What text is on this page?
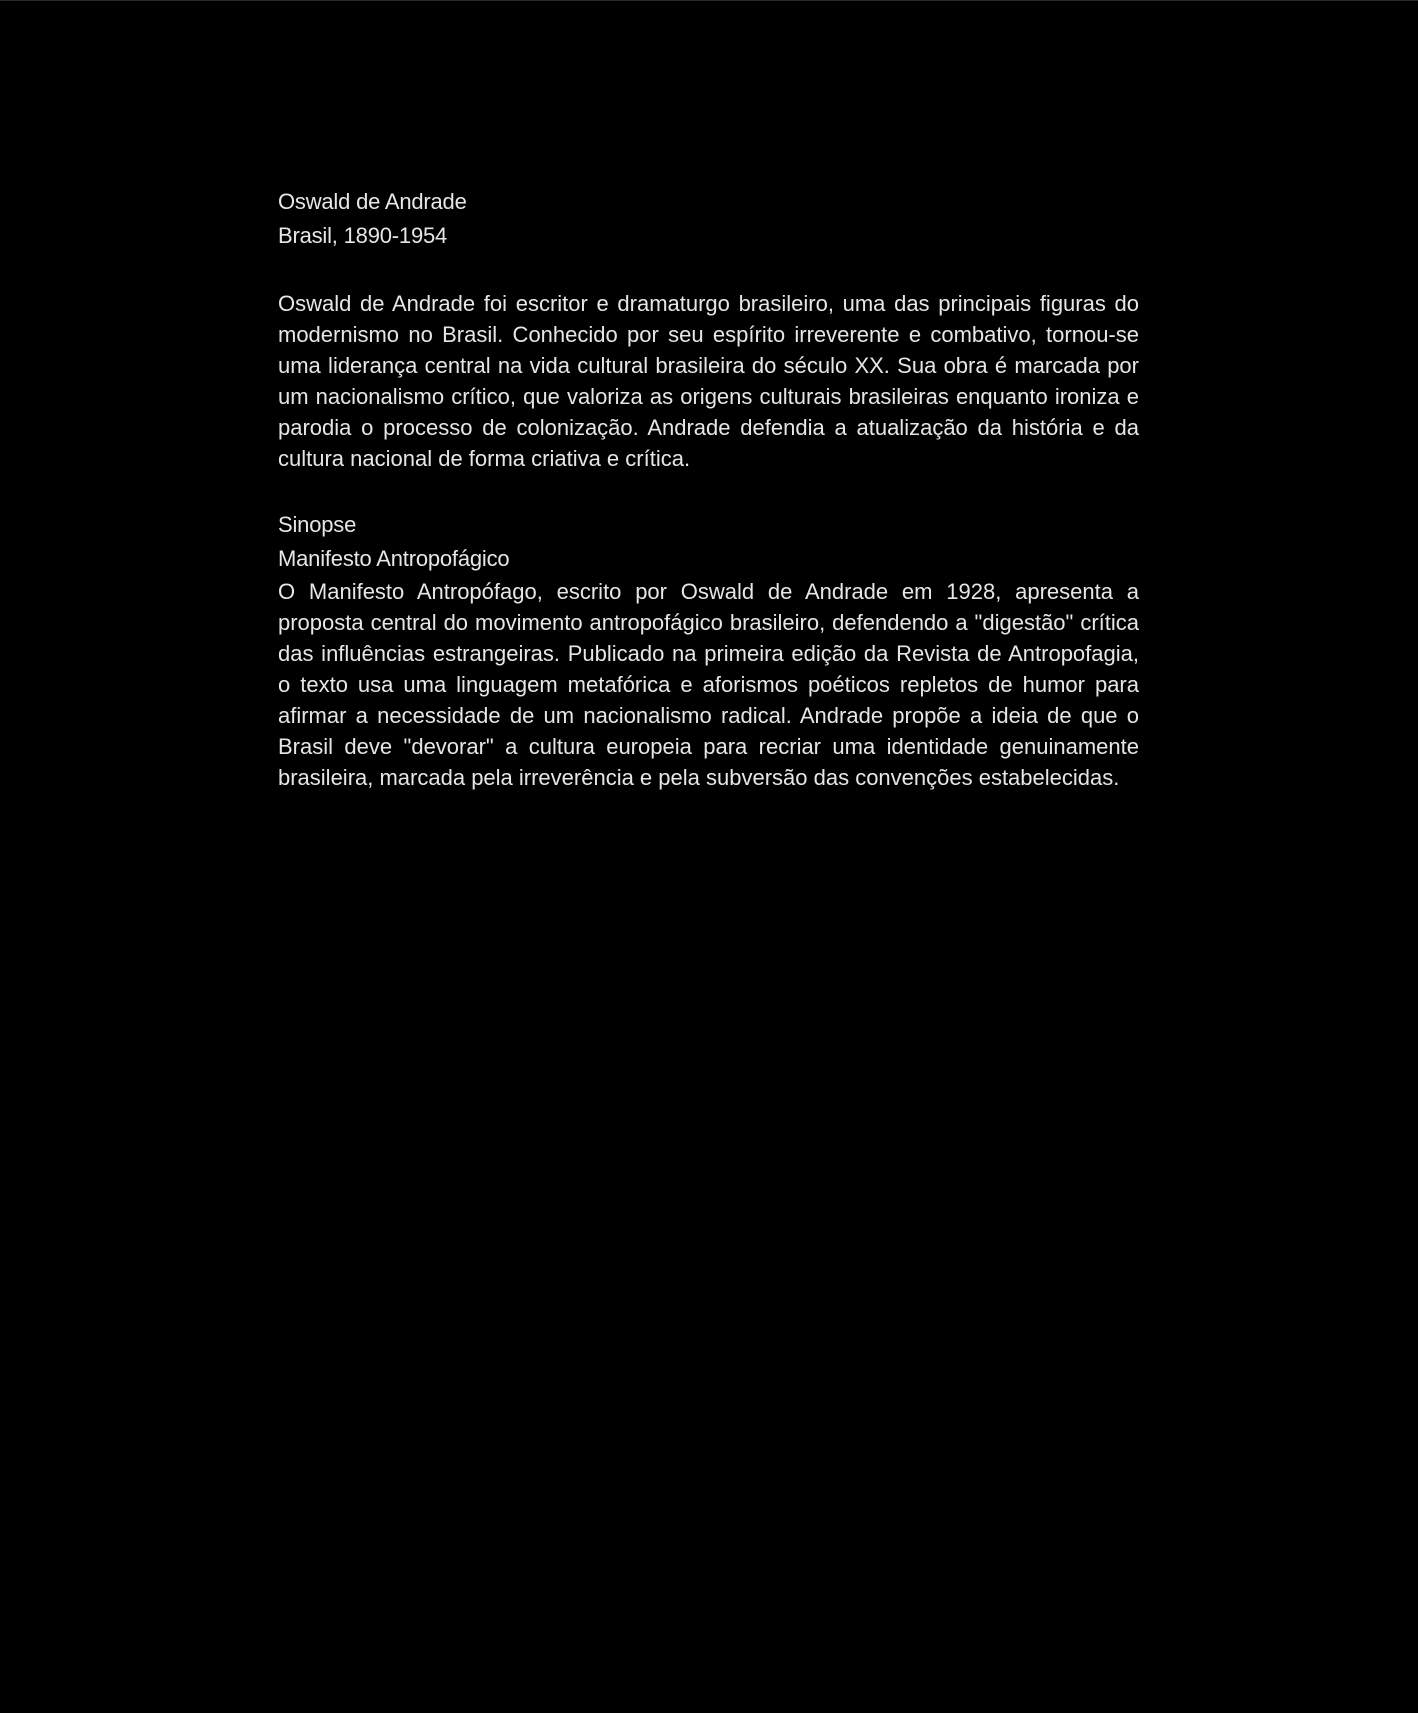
Oswald de Andrade

Brasil, 1890-1954

Oswald de Andrade foi escritor e dramaturgo brasileiro, uma das principais figuras do modernismo no Brasil. Conhecido por seu espírito irreverente e combativo, tornou-se uma liderança central na vida cultural brasileira do século XX. Sua obra é marcada por um nacionalismo crítico, que valoriza as origens culturais brasileiras enquanto ironiza e parodia o processo de colonização. Andrade defendia a atualização da história e da cultura nacional de forma criativa e crítica.

Sinopse

Manifesto Antropofágico

O Manifesto Antropófago, escrito por Oswald de Andrade em 1928, apresenta a proposta central do movimento antropofágico brasileiro, defendendo a "digestão" crítica das influências estrangeiras. Publicado na primeira edição da Revista de Antropofagia, o texto usa uma linguagem metafórica e aforismos poéticos repletos de humor para afirmar a necessidade de um nacionalismo radical. Andrade propõe a ideia de que o Brasil deve "devorar" a cultura europeia para recriar uma identidade genuinamente brasileira, marcada pela irreverência e pela subversão das convenções estabelecidas.
